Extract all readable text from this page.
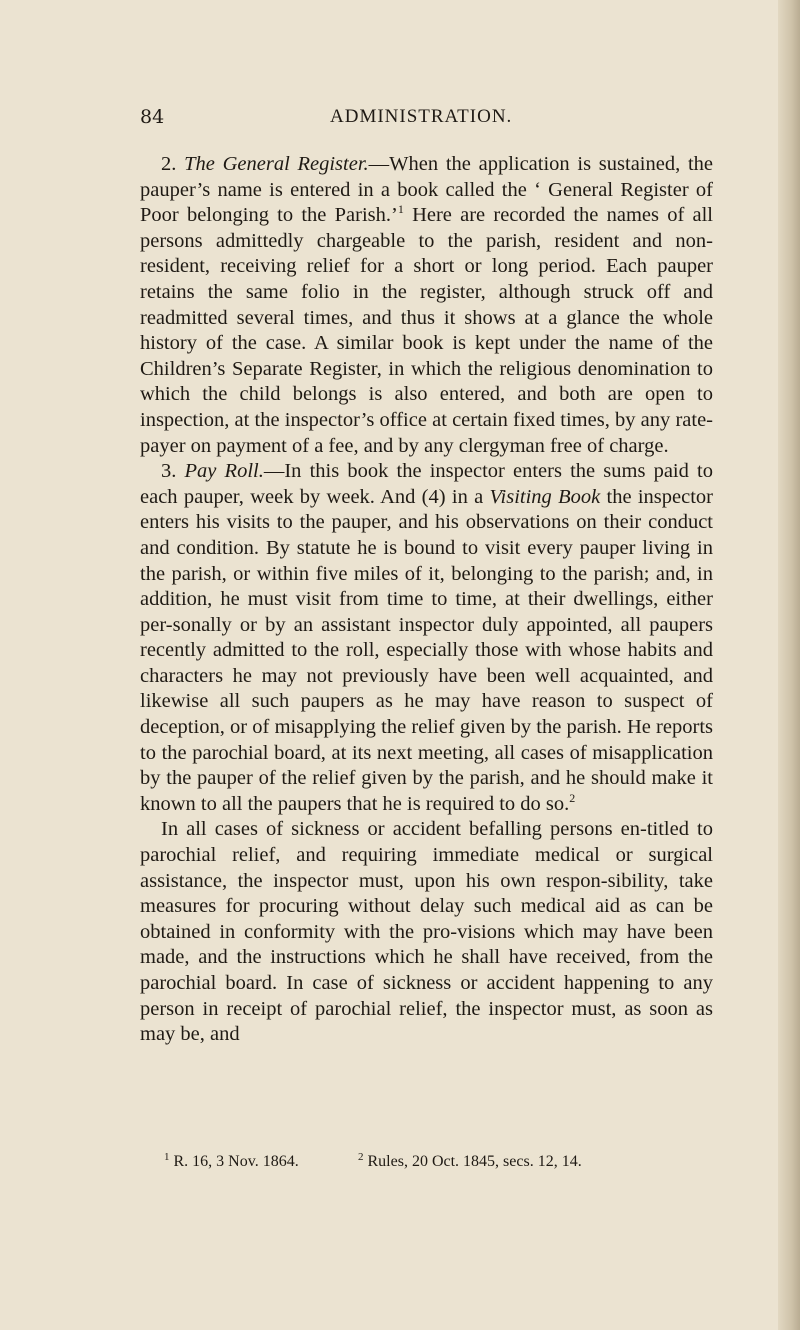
84	ADMINISTRATION.

2. The General Register.—When the application is sustained, the pauper’s name is entered in a book called the ‘ General Register of Poor belonging to the Parish.’$^1$ Here are recorded the names of all persons admittedly chargeable to the parish, resident and non-resident, receiving relief for a short or long period. Each pauper retains the same folio in the register, although struck off and readmitted several times, and thus it shows at a glance the whole history of the case. A similar book is kept under the name of the Children’s Separate Register, in which the religious denomination to which the child belongs is also entered, and both are open to inspection, at the inspector’s office at certain fixed times, by any rate-payer on payment of a fee, and by any clergyman free of charge.

3. Pay Roll.—In this book the inspector enters the sums paid to each pauper, week by week. And (4) in a Visiting Book the inspector enters his visits to the pauper, and his observations on their conduct and condition. By statute he is bound to visit every pauper living in the parish, or within five miles of it, belonging to the parish; and, in addition, he must visit from time to time, at their dwellings, either per-sonally or by an assistant inspector duly appointed, all paupers recently admitted to the roll, especially those with whose habits and characters he may not previously have been well acquainted, and likewise all such paupers as he may have reason to suspect of deception, or of misapplying the relief given by the parish. He reports to the parochial board, at its next meeting, all cases of misapplication by the pauper of the relief given by the parish, and he should make it known to all the paupers that he is required to do so.$^2$

In all cases of sickness or accident befalling persons en-titled to parochial relief, and requiring immediate medical or surgical assistance, the inspector must, upon his own respon-sibility, take measures for procuring without delay such medical aid as can be obtained in conformity with the pro-visions which may have been made, and the instructions which he shall have received, from the parochial board. In case of sickness or accident happening to any person in receipt of parochial relief, the inspector must, as soon as may be, and

$^1$ R. 16, 3 Nov. 1864.	$^2$ Rules, 20 Oct. 1845, secs. 12, 14.
